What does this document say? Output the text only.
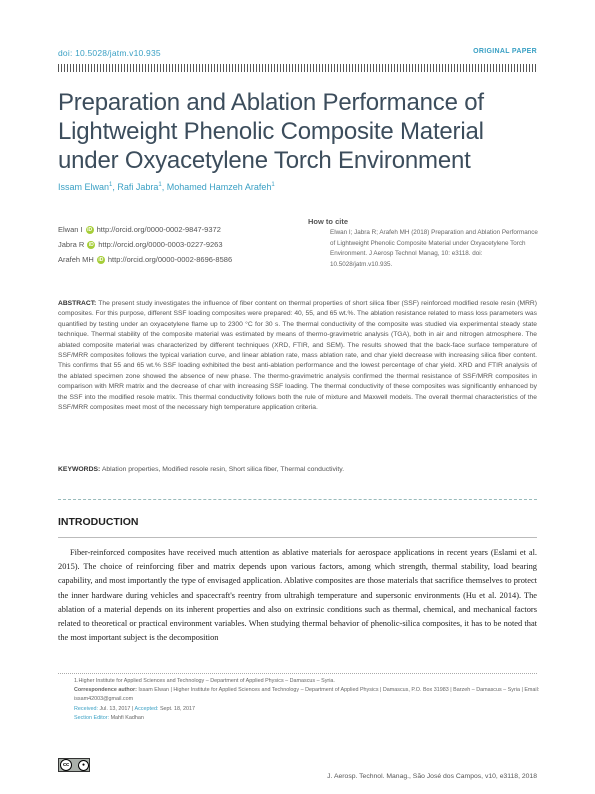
doi: 10.5028/jatm.v10.935	ORIGINAL PAPER
Preparation and Ablation Performance of Lightweight Phenolic Composite Material under Oxyacetylene Torch Environment
Issam Elwan$^1$, Rafi Jabra$^1$, Mohamed Hamzeh Arafeh$^1$
Elwan I iD http://orcid.org/0000-0002-9847-9372
Jabra R iD http://orcid.org/0000-0003-0227-9263
Arafeh MH iD http://orcid.org/0000-0002-8696-8586
How to cite
Elwan I; Jabra R; Arafeh MH (2018) Preparation and Ablation Performance of Lightweight Phenolic Composite Material under Oxyacetylene Torch Environment. J Aerosp Technol Manag, 10: e3118. doi: 10.5028/jatm.v10.935.
ABSTRACT: The present study investigates the influence of fiber content on thermal properties of short silica fiber (SSF) reinforced modified resole resin (MRR) composites. For this purpose, different SSF loading composites were prepared: 40, 55, and 65 wt.%. The ablation resistance related to mass loss parameters was quantified by testing under an oxyacetylene flame up to 2300 °C for 30 s. The thermal conductivity of the composite was studied via experimental steady state technique. Thermal stability of the composite material was estimated by means of thermo-gravimetric analysis (TGA), both in air and nitrogen atmosphere. The ablated composite material was characterized by different techniques (XRD, FTIR, and SEM). The results showed that the back-face surface temperature of SSF/MRR composites follows the typical variation curve, and linear ablation rate, mass ablation rate, and char yield decrease with increasing silica fiber content. This confirms that 55 and 65 wt.% SSF loading exhibited the best anti-ablation performance and the lowest percentage of char yield. XRD and FTIR analysis of the ablated specimen zone showed the absence of new phase. The thermo-gravimetric analysis confirmed the thermal resistance of SSF/MRR composites in comparison with MRR matrix and the decrease of char with increasing SSF loading. The thermal conductivity of these composites was significantly enhanced by the SSF into the modified resole matrix. This thermal conductivity follows both the rule of mixture and Maxwell models. The overall thermal characteristics of the SSF/MRR composites meet most of the necessary high temperature application criteria.
KEYWORDS: Ablation properties, Modified resole resin, Short silica fiber, Thermal conductivity.
INTRODUCTION
Fiber-reinforced composites have received much attention as ablative materials for aerospace applications in recent years (Eslami et al. 2015). The choice of reinforcing fiber and matrix depends upon various factors, among which strength, thermal stability, load bearing capability, and most importantly the type of envisaged application. Ablative composites are those materials that sacrifice themselves to protect the inner hardware during vehicles and spacecraft's reentry from ultrahigh temperature and supersonic environments (Hu et al. 2014). The ablation of a material depends on its inherent properties and also on extrinsic conditions such as thermal, chemical, and mechanical factors related to theoretical or practical environment variables. When studying thermal behavior of phenolic-silica composites, it has to be noted that the most important subject is the decomposition
1.Higher Institute for Applied Sciences and Technology – Department of Applied Physics – Damascus – Syria.
Correspondence author: Issam Elwan | Higher Institute for Applied Sciences and Technology – Department of Applied Physics | Damascus, P.O. Box 31983 | Barzeh – Damascus – Syria | Email: issam42003@gmail.com
Received: Jul. 13, 2017 | Accepted: Sept. 18, 2017
Section Editor: Mahfi Kadhan
cc	●
J. Aerosp. Technol. Manag., São José dos Campos, v10, e3118, 2018
